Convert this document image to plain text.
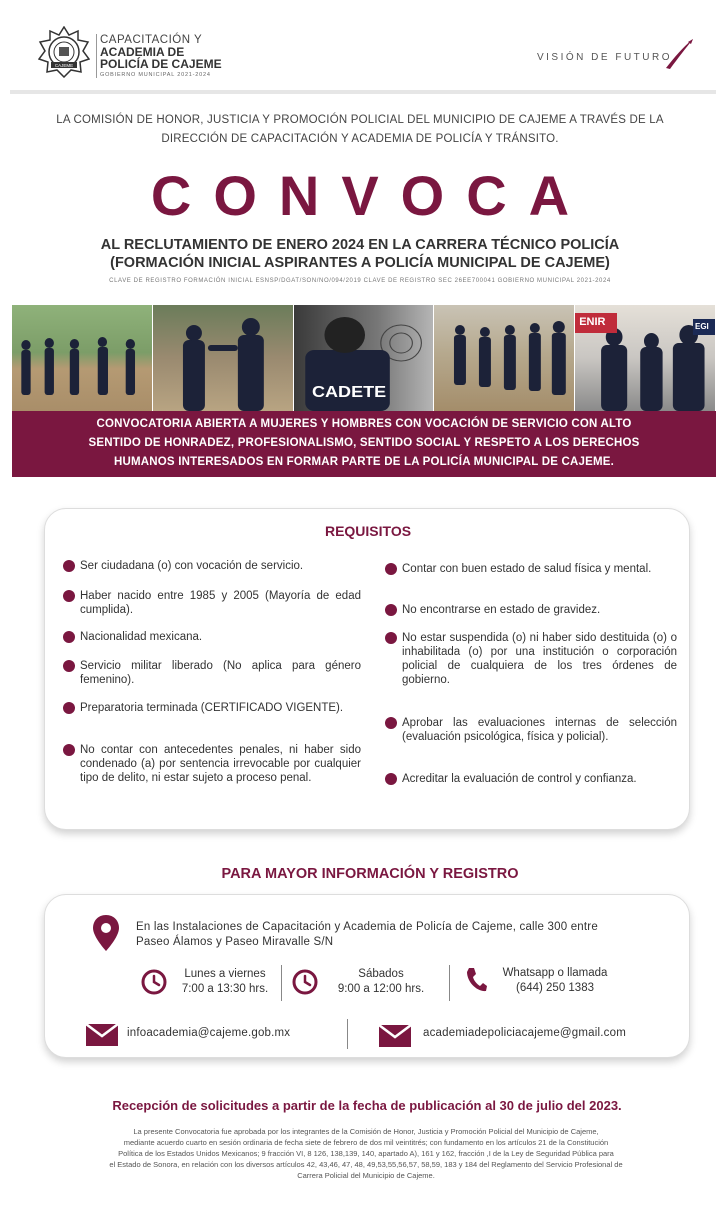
CAJEME
CAPACITACIÓN Y
ACADEMIA DE
POLICÍA DE CAJEME
GOBIERNO MUNICIPAL 2021-2024
VISIÓN DE FUTURO
LA COMISIÓN DE HONOR, JUSTICIA Y PROMOCIÓN POLICIAL DEL MUNICIPIO DE CAJEME A TRAVÉS DE LA
DIRECCIÓN DE CAPACITACIÓN Y ACADEMIA DE POLICÍA Y TRÁNSITO.
CONVOCA
AL RECLUTAMIENTO DE ENERO 2024 EN LA CARRERA TÉCNICO POLICÍA
(FORMACIÓN INICIAL ASPIRANTES A POLICÍA MUNICIPAL DE CAJEME)
CLAVE DE REGISTRO FORMACIÓN INICIAL ESNSP/DGAT/SON/NO/094/2019 CLAVE DE REGISTRO SEC 26EE700041 GOBIERNO MUNICIPAL 2021-2024
CADETE
ENIR	EGI
CONVOCATORIA ABIERTA A MUJERES Y HOMBRES CON VOCACIÓN DE SERVICIO CON ALTO
SENTIDO DE HONRADEZ, PROFESIONALISMO, SENTIDO SOCIAL Y RESPETO A LOS DERECHOS
HUMANOS INTERESADOS EN FORMAR PARTE DE LA POLICÍA MUNICIPAL DE CAJEME.
REQUISITOS
Ser ciudadana (o) con vocación de servicio.
Haber nacido entre 1985 y 2005 (Mayoría de edad cumplida).
Nacionalidad mexicana.
Servicio militar liberado (No aplica para género femenino).
Preparatoria terminada (CERTIFICADO VIGENTE).
No contar con antecedentes penales, ni haber sido condenado (a) por sentencia irrevocable por cualquier tipo de delito, ni estar sujeto a proceso penal.
Contar con buen estado de salud física y mental.
No encontrarse en estado de gravidez.
No estar suspendida (o) ni haber sido destituida (o) o inhabilitada (o) por una institución o corporación policial de cualquiera de los tres órdenes de gobierno.
Aprobar las evaluaciones internas de selección (evaluación psicológica, física y policial).
Acreditar la evaluación de control y confianza.
PARA MAYOR INFORMACIÓN Y REGISTRO
En las Instalaciones de Capacitación y Academia de Policía de Cajeme, calle 300 entre
Paseo Álamos y Paseo Miravalle S/N
Lunes a viernes
7:00 a 13:30 hrs.
Sábados
9:00 a 12:00 hrs.
Whatsapp o llamada
(644) 250 1383
infoacademia@cajeme.gob.mx	academiadepoliciacajeme@gmail.com
Recepción de solicitudes a partir de la fecha de publicación al 30 de julio del 2023.
La presente Convocatoria fue aprobada por los integrantes de la Comisión de Honor, Justicia y Promoción Policial del Municipio de Cajeme,
mediante acuerdo cuarto en sesión ordinaria de fecha siete de febrero de dos mil veintitrés; con fundamento en los artículos 21 de la Constitución
Política de los Estados Unidos Mexicanos; 9 fracción VI, 8 126, 138,139, 140, apartado A), 161 y 162, fracción ,I de la Ley de Seguridad Pública para
el Estado de Sonora, en relación con los diversos artículos 42, 43,46, 47, 48, 49,53,55,56,57, 58,59, 183 y 184 del Reglamento del Servicio Profesional de
Carrera Policial del Municipio de Cajeme.
